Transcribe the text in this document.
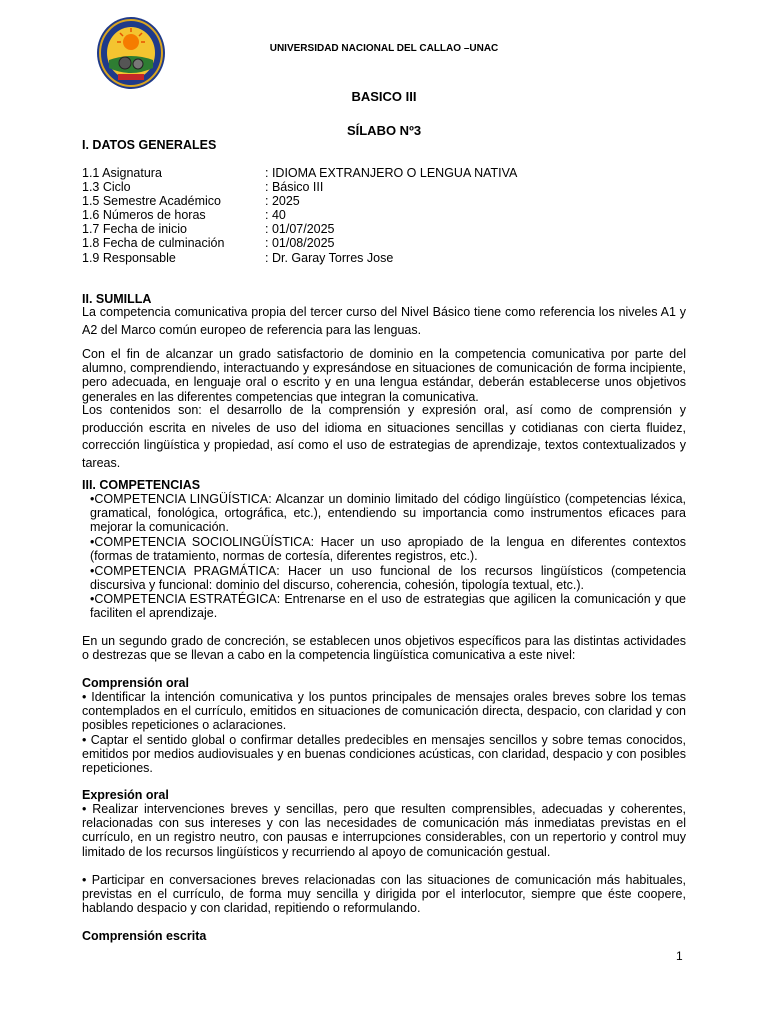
UNIVERSIDAD NACIONAL DEL CALLAO –UNAC
BASICO III
SÍLABO Nº3
I. DATOS GENERALES
1.1 Asignatura	: IDIOMA EXTRANJERO O LENGUA NATIVA
1.3 Ciclo	: Básico III
1.5 Semestre Académico	: 2025
1.6 Números de horas	: 40
1.7 Fecha de inicio	: 01/07/2025
1.8 Fecha de culminación	: 01/08/2025
1.9 Responsable	: Dr. Garay Torres Jose
II. SUMILLA

La competencia comunicativa propia del tercer curso del Nivel Básico tiene como referencia los niveles A1 y A2 del Marco común europeo de referencia para las lenguas.

Con el fin de alcanzar un grado satisfactorio de dominio en la competencia comunicativa por parte del alumno, comprendiendo, interactuando y expresándose en situaciones de comunicación de forma incipiente, pero adecuada, en lenguaje oral o escrito y en una lengua estándar, deberán establecerse unos objetivos generales en las diferentes competencias que integran la comunicativa.

Los contenidos son: el desarrollo de la comprensión y expresión oral, así como de comprensión y producción escrita en niveles de uso del idioma en situaciones sencillas y cotidianas con cierta fluidez, corrección lingüística y propiedad, así como el uso de estrategias de aprendizaje, textos contextualizados y tareas.

III. COMPETENCIAS
•COMPETENCIA LINGÜÍSTICA: Alcanzar un dominio limitado del código lingüístico (competencias léxica, gramatical, fonológica, ortográfica, etc.), entendiendo su importancia como instrumentos eficaces para mejorar la comunicación.
•COMPETENCIA SOCIOLINGÜÍSTICA: Hacer un uso apropiado de la lengua en diferentes contextos (formas de tratamiento, normas de cortesía, diferentes registros, etc.).
•COMPETENCIA PRAGMÁTICA: Hacer un uso funcional de los recursos lingüísticos (competencia discursiva y funcional: dominio del discurso, coherencia, cohesión, tipología textual, etc.).
•COMPETENCIA ESTRATÉGICA: Entrenarse en el uso de estrategias que agilicen la comunicación y que faciliten el aprendizaje.

En un segundo grado de concreción, se establecen unos objetivos específicos para las distintas actividades o destrezas que se llevan a cabo en la competencia lingüística comunicativa a este nivel:

Comprensión oral

• Identificar la intención comunicativa y los puntos principales de mensajes orales breves sobre los temas contemplados en el currículo, emitidos en situaciones de comunicación directa, despacio, con claridad y con posibles repeticiones o aclaraciones.

• Captar el sentido global o confirmar detalles predecibles en mensajes sencillos y sobre temas conocidos, emitidos por medios audiovisuales y en buenas condiciones acústicas, con claridad, despacio y con posibles repeticiones.

Expresión oral

• Realizar intervenciones breves y sencillas, pero que resulten comprensibles, adecuadas y coherentes, relacionadas con sus intereses y con las necesidades de comunicación más inmediatas previstas en el currículo, en un registro neutro, con pausas e interrupciones considerables, con un repertorio y control muy limitado de los recursos lingüísticos y recurriendo al apoyo de comunicación gestual.

• Participar en conversaciones breves relacionadas con las situaciones de comunicación más habituales, previstas en el currículo, de forma muy sencilla y dirigida por el interlocutor, siempre que éste coopere, hablando despacio y con claridad, repitiendo o reformulando.

Comprensión escrita
1
